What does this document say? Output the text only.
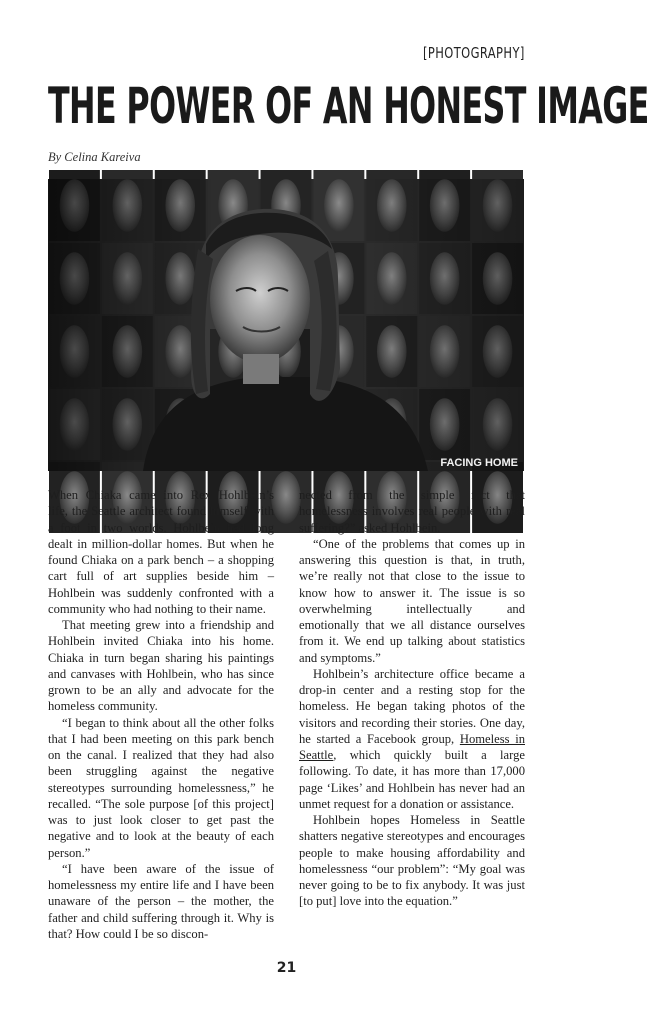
[PHOTOGRAPHY]
THE POWER OF AN HONEST IMAGE
By Celina Kareiva
FACING HOME

When Chiaka came into Rex Hohlbein’s life, the Seattle architect found himself with a foot in two worlds. Hohlbein had long dealt in million-dollar homes. But when he found Chiaka on a park bench – a shopping cart full of art supplies beside him – Hohlbein was suddenly confronted with a community who had nothing to their name.

That meeting grew into a friendship and Hohlbein invited Chiaka into his home. Chiaka in turn began sharing his paintings and canvases with Hohlbein, who has since grown to be an ally and advocate for the homeless community.

“I began to think about all the other folks that I had been meeting on this park bench on the canal. I realized that they had also been struggling against the negative stereotypes surrounding homelessness,” he recalled. “The sole purpose [of this project] was to just look closer to get past the negative and to look at the beauty of each person.”

“I have been aware of the issue of homelessness my entire life and I have been unaware of the person – the mother, the father and child suffering through it. Why is that? How could I be so discon-

nected from the simple fact that homelessness involves real people with real suffering?” asked Hohlbein.

“One of the problems that comes up in answering this question is that, in truth, we’re really not that close to the issue to know how to answer it. The issue is so overwhelming intellectually and emotionally that we all distance ourselves from it. We end up talking about statistics and symptoms.”

Hohlbein’s architecture office became a drop-in center and a resting stop for the homeless. He began taking photos of the visitors and recording their stories. One day, he started a Facebook group, Homeless in Seattle, which quickly built a large following. To date, it has more than 17,000 page ‘Likes’ and Hohlbein has never had an unmet request for a donation or assistance.

Hohlbein hopes Homeless in Seattle shatters negative stereotypes and encourages people to make housing affordability and homelessness “our problem”: “My goal was never going to be to fix anybody. It was just [to put] love into the equation.”

21
